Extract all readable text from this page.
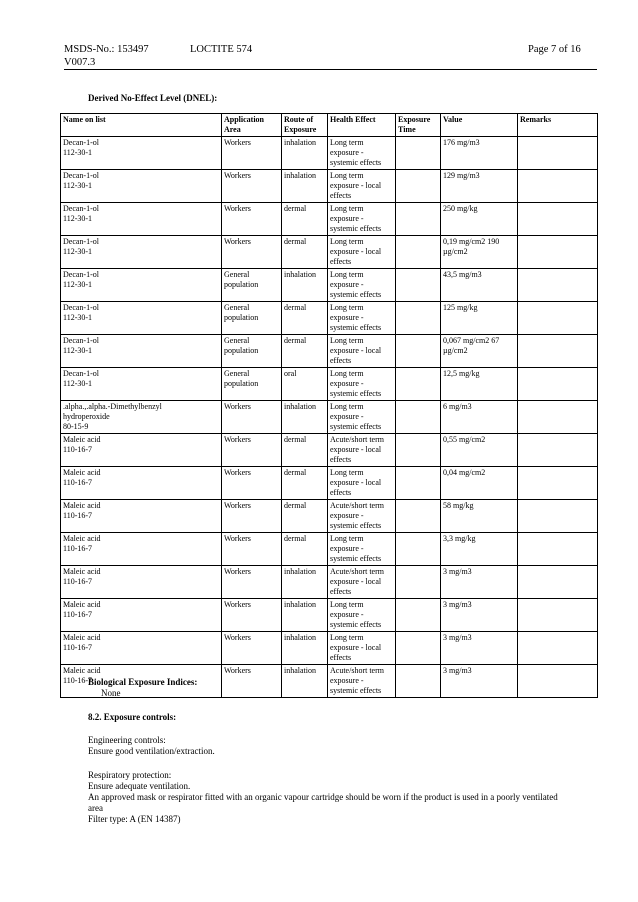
MSDS-No.: 153497
V007.3
LOCTITE 574	Page 7 of 16
Derived No-Effect Level (DNEL):
Name on list	Application Area	Route of Exposure	Health Effect	Exposure Time	Value	Remarks

Decan-1-ol
112-30-1	Workers	inhalation	Long term
exposure -
systemic effects		176 mg/m3	

Decan-1-ol
112-30-1	Workers	inhalation	Long term
exposure - local
effects		129 mg/m3	

Decan-1-ol
112-30-1	Workers	dermal	Long term
exposure -
systemic effects		250 mg/kg	

Decan-1-ol
112-30-1	Workers	dermal	Long term
exposure - local
effects		0,19 mg/cm2 190
µg/cm2	

Decan-1-ol
112-30-1	General
population	inhalation	Long term
exposure -
systemic effects		43,5 mg/m3	

Decan-1-ol
112-30-1	General
population	dermal	Long term
exposure -
systemic effects		125 mg/kg	

Decan-1-ol
112-30-1	General
population	dermal	Long term
exposure - local
effects		0,067 mg/cm2 67
µg/cm2	

Decan-1-ol
112-30-1	General
population	oral	Long term
exposure -
systemic effects		12,5 mg/kg	

.alpha.,.alpha.-Dimethylbenzyl
hydroperoxide
80-15-9	Workers	inhalation	Long term
exposure -
systemic effects		6 mg/m3	

Maleic acid
110-16-7	Workers	dermal	Acute/short term
exposure - local
effects		0,55 mg/cm2	

Maleic acid
110-16-7	Workers	dermal	Long term
exposure - local
effects		0,04 mg/cm2	

Maleic acid
110-16-7	Workers	dermal	Acute/short term
exposure -
systemic effects		58 mg/kg	

Maleic acid
110-16-7	Workers	dermal	Long term
exposure -
systemic effects		3,3 mg/kg	

Maleic acid
110-16-7	Workers	inhalation	Acute/short term
exposure - local
effects		3 mg/m3	

Maleic acid
110-16-7	Workers	inhalation	Long term
exposure -
systemic effects		3 mg/m3	

Maleic acid
110-16-7	Workers	inhalation	Long term
exposure - local
effects		3 mg/m3	

Maleic acid
110-16-7	Workers	inhalation	Acute/short term
exposure -
systemic effects		3 mg/m3	

Biological Exposure Indices:
None
8.2. Exposure controls:
Engineering controls:
Ensure good ventilation/extraction.
Respiratory protection:
Ensure adequate ventilation.
An approved mask or respirator fitted with an organic vapour cartridge should be worn if the product is used in a poorly ventilated area
Filter type: A (EN 14387)
